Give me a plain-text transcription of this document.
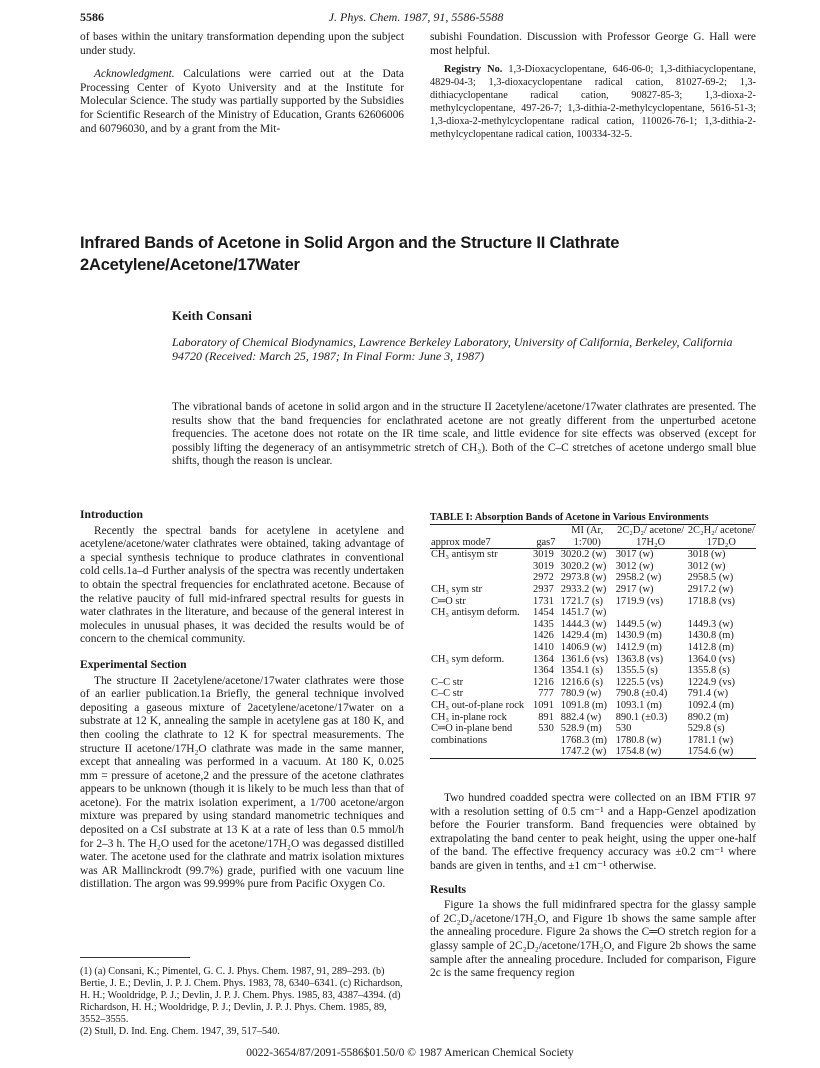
5586	J. Phys. Chem. 1987, 91, 5586-5588

of bases within the unitary transformation depending upon the subject under study.

Acknowledgment. Calculations were carried out at the Data Processing Center of Kyoto University and at the Institute for Molecular Science. The study was partially supported by the Subsidies for Scientific Research of the Ministry of Education, Grants 62606006 and 60796030, and by a grant from the Mit-

subishi Foundation. Discussion with Professor George G. Hall were most helpful.

Registry No. 1,3-Dioxacyclopentane, 646-06-0; 1,3-dithiacyclopentane, 4829-04-3; 1,3-dioxacyclopentane radical cation, 81027-69-2; 1,3-dithiacyclopentane radical cation, 90827-85-3; 1,3-dioxa-2-methylcyclopentane, 497-26-7; 1,3-dithia-2-methylcyclopentane, 5616-51-3; 1,3-dioxa-2-methylcyclopentane radical cation, 110026-76-1; 1,3-dithia-2-methylcyclopentane radical cation, 100334-32-5.

Infrared Bands of Acetone in Solid Argon and the Structure II Clathrate
2Acetylene/Acetone/17Water
Keith Consani
Laboratory of Chemical Biodynamics, Lawrence Berkeley Laboratory, University of California, Berkeley, California 94720 (Received: March 25, 1987; In Final Form: June 3, 1987)
The vibrational bands of acetone in solid argon and in the structure II 2acetylene/acetone/17water clathrates are presented. The results show that the band frequencies for enclathrated acetone are not greatly different from the unperturbed acetone frequencies. The acetone does not rotate on the IR time scale, and little evidence for site effects was observed (except for possibly lifting the degeneracy of an antisymmetric stretch of CH₃). Both of the C–C stretches of acetone undergo small blue shifts, though the reason is unclear.

Introduction

Recently the spectral bands for acetylene in acetylene and acetylene/acetone/water clathrates were obtained, taking advantage of a special synthesis technique to produce clathrates in conventional cold cells.1a–d Further analysis of the spectra was recently undertaken to obtain the spectral frequencies for enclathrated acetone. Because of the relative paucity of full mid-infrared spectral results for guests in water clathrates in the literature, and because of the general interest in molecules in unusual phases, it was decided the results would be of concern to the chemical community.

Experimental Section

The structure II 2acetylene/acetone/17water clathrates were those of an earlier publication.1a Briefly, the general technique involved depositing a gaseous mixture of 2acetylene/acetone/17water on a substrate at 12 K, annealing the sample in acetylene gas at 180 K, and then cooling the clathrate to 12 K for spectral measurements. The structure II acetone/17H₂O clathrate was made in the same manner, except that annealing was performed in a vacuum. At 180 K, 0.025 mm = pressure of acetone,2 and the pressure of the acetone clathrates appears to be unknown (though it is likely to be much less than that of acetone). For the matrix isolation experiment, a 1/700 acetone/argon mixture was prepared by using standard manometric techniques and deposited on a CsI substrate at 13 K at a rate of less than 0.5 mmol/h for 2–3 h. The H₂O used for the acetone/17H₂O was degassed distilled water. The acetone used for the clathrate and matrix isolation mixtures was AR Mallinckrodt (99.7%) grade, purified with one vacuum line distillation. The argon was 99.999% pure from Pacific Oxygen Co.

(1) (a) Consani, K.; Pimentel, G. C. J. Phys. Chem. 1987, 91, 289–293. (b) Bertie, J. E.; Devlin, J. P. J. Chem. Phys. 1983, 78, 6340–6341. (c) Richardson, H. H.; Wooldridge, P. J.; Devlin, J. P. J. Chem. Phys. 1985, 83, 4387–4394. (d) Richardson, H. H.; Wooldridge, P. J.; Devlin, J. P. J. Phys. Chem. 1985, 89, 3552–3555.
(2) Stull, D. Ind. Eng. Chem. 1947, 39, 517–540.
TABLE I: Absorption Bands of Acetone in Various Environments
approx mode7	gas7	MI (Ar, 1:700)	2C₂D₂/ acetone/ 17H₂O	2C₂H₂/ acetone/ 17D₂O
CH₃ antisym str	3019	3020.2 (w)	3017 (w)	3018 (w)
	3019	3020.2 (w)	3012 (w)	3012 (w)
	2972	2973.8 (w)	2958.2 (w)	2958.5 (w)
CH₃ sym str	2937	2933.2 (w)	2917 (w)	2917.2 (w)
C═O str	1731	1721.7 (s)	1719.9 (vs)	1718.8 (vs)
CH₃ antisym deform.	1454	1451.7 (w)		
	1435	1444.3 (w)	1449.5 (w)	1449.3 (w)
	1426	1429.4 (m)	1430.9 (m)	1430.8 (m)
	1410	1406.9 (w)	1412.9 (m)	1412.8 (m)
CH₃ sym deform.	1364	1361.6 (vs)	1363.8 (vs)	1364.0 (vs)
	1364	1354.1 (s)	1355.5 (s)	1355.8 (s)
C–C str	1216	1216.6 (s)	1225.5 (vs)	1224.9 (vs)
C–C str	777	780.9 (w)	790.8 (±0.4)	791.4 (w)
CH₃ out-of-plane rock	1091	1091.8 (m)	1093.1 (m)	1092.4 (m)
CH₃ in-plane rock	891	882.4 (w)	890.1 (±0.3)	890.2 (m)
C═O in-plane bend	530	528.9 (m)	530	529.8 (s)
combinations		1768.3 (m)	1780.8 (w)	1781.1 (w)
		1747.2 (w)	1754.8 (w)	1754.6 (w)

Two hundred coadded spectra were collected on an IBM FTIR 97 with a resolution setting of 0.5 cm⁻¹ and a Happ-Genzel apodization before the Fourier transform. Band frequencies were obtained by extrapolating the band center to peak height, using the upper one-half of the band. The effective frequency accuracy was ±0.2 cm⁻¹ where bands are given in tenths, and ±1 cm⁻¹ otherwise.

Results

Figure 1a shows the full midinfrared spectra for the glassy sample of 2C₂D₂/acetone/17H₂O, and Figure 1b shows the same sample after the annealing procedure. Figure 2a shows the C═O stretch region for a glassy sample of 2C₂D₂/acetone/17H₂O, and Figure 2b shows the same sample after the annealing procedure. Included for comparison, Figure 2c is the same frequency region

0022-3654/87/2091-5586$01.50/0 © 1987 American Chemical Society
